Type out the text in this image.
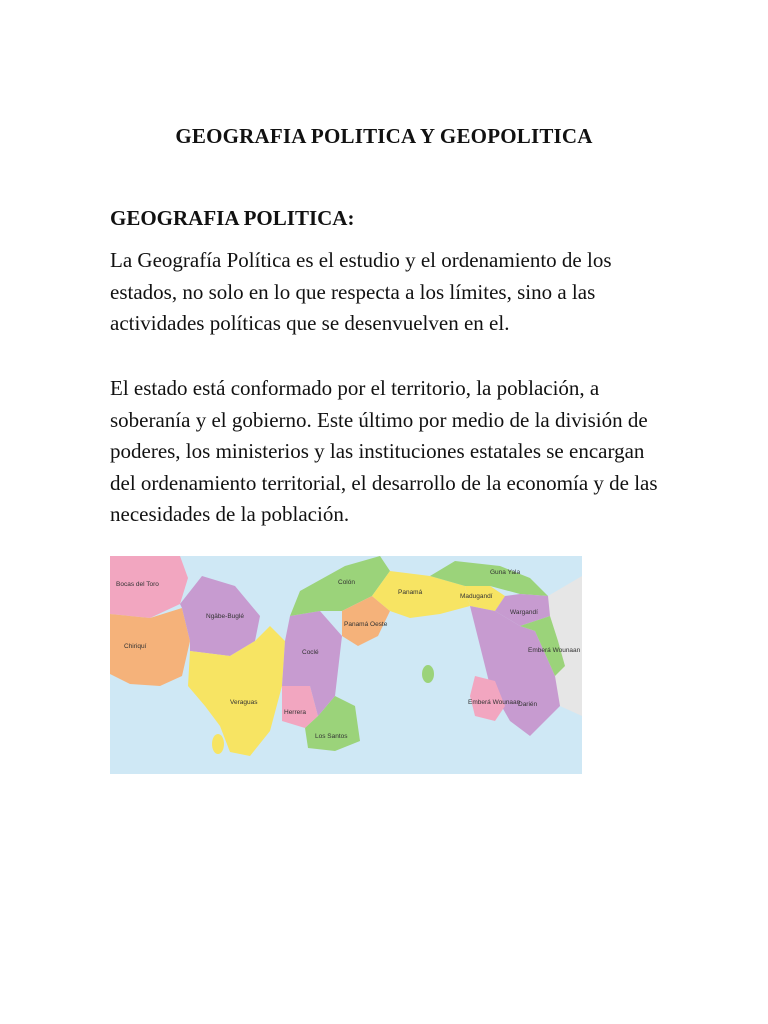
GEOGRAFIA POLITICA Y GEOPOLITICA
GEOGRAFIA POLITICA:

La Geografía Política es el estudio y el ordenamiento de los estados, no solo en lo que respecta a los límites, sino a las actividades políticas que se desenvuelven en el.

El estado está conformado por el territorio, la población, a soberanía y el gobierno. Este último por medio de la división de poderes, los ministerios y las instituciones estatales se encargan del ordenamiento territorial, el desarrollo de la economía y de las necesidades de la población.

Bocas del Toro
Chiriquí
Ngäbe-Buglé
Veraguas
Herrera
Los Santos
Coclé
Colón
Panamá Oeste
Panamá
Guna Yala
Madugandí
Wargandí
Emberá Wounaan
Darién
Emberá Wounaan
